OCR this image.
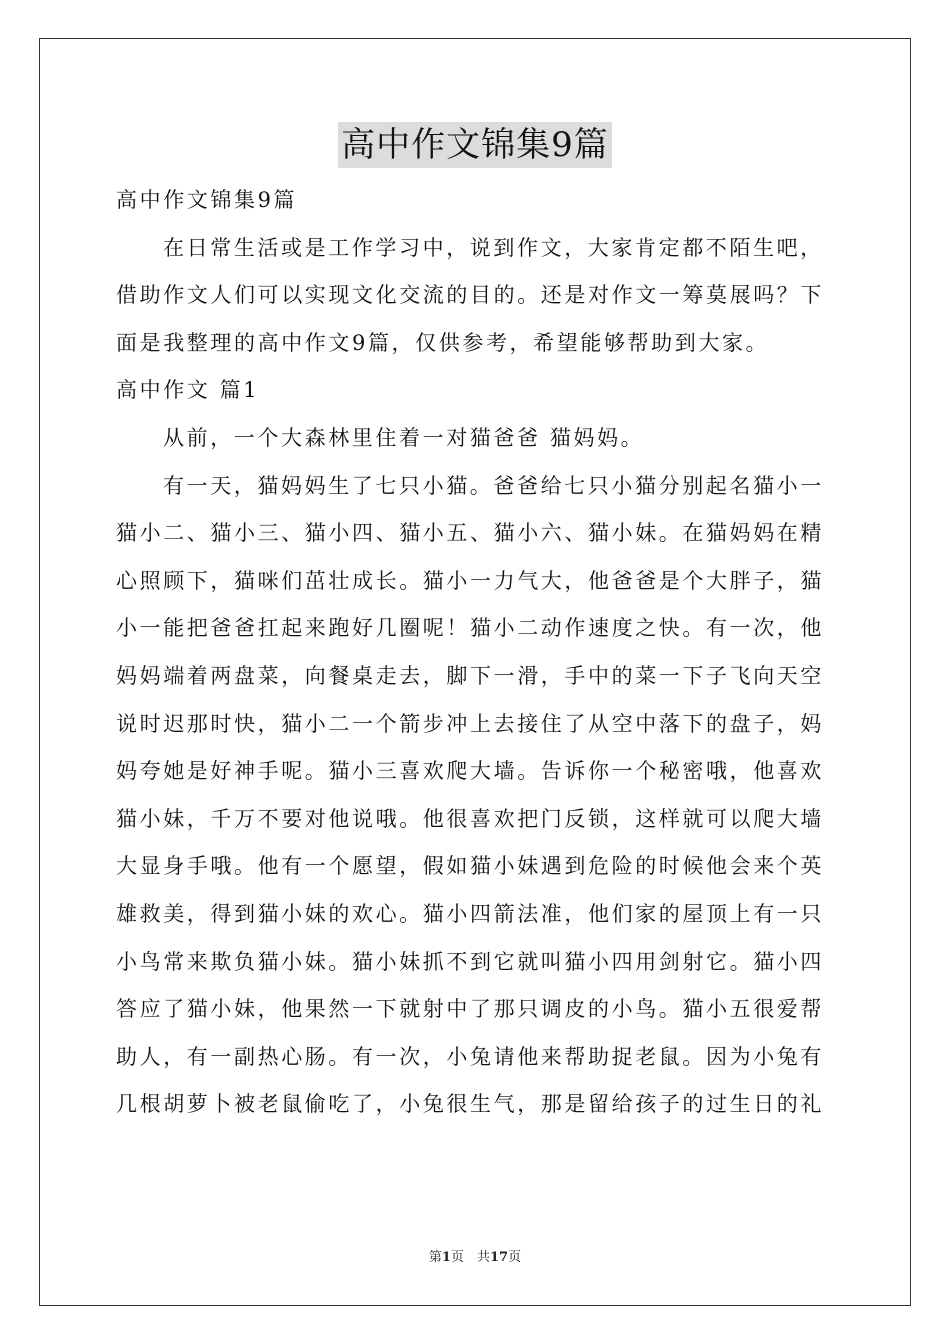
高中作文锦集9篇
高中作文锦集9篇
在日常生活或是工作学习中，说到作文，大家肯定都不陌生吧，
借助作文人们可以实现文化交流的目的。还是对作文一筹莫展吗？下
面是我整理的高中作文9篇，仅供参考，希望能够帮助到大家。
高中作文 篇1
从前，一个大森林里住着一对猫爸爸 猫妈妈。
有一天，猫妈妈生了七只小猫。爸爸给七只小猫分别起名猫小一
猫小二、猫小三、猫小四、猫小五、猫小六、猫小妹。在猫妈妈在精
心照顾下，猫咪们茁壮成长。猫小一力气大，他爸爸是个大胖子，猫
小一能把爸爸扛起来跑好几圈呢！猫小二动作速度之快。有一次，他
妈妈端着两盘菜，向餐桌走去，脚下一滑，手中的菜一下子飞向天空
说时迟那时快，猫小二一个箭步冲上去接住了从空中落下的盘子，妈
妈夸她是好神手呢。猫小三喜欢爬大墙。告诉你一个秘密哦，他喜欢
猫小妹，千万不要对他说哦。他很喜欢把门反锁，这样就可以爬大墙
大显身手哦。他有一个愿望，假如猫小妹遇到危险的时候他会来个英
雄救美，得到猫小妹的欢心。猫小四箭法准，他们家的屋顶上有一只
小鸟常来欺负猫小妹。猫小妹抓不到它就叫猫小四用剑射它。猫小四
答应了猫小妹，他果然一下就射中了那只调皮的小鸟。猫小五很爱帮
助人，有一副热心肠。有一次，小兔请他来帮助捉老鼠。因为小兔有
几根胡萝卜被老鼠偷吃了，小兔很生气，那是留给孩子的过生日的礼
第1页　共17页
